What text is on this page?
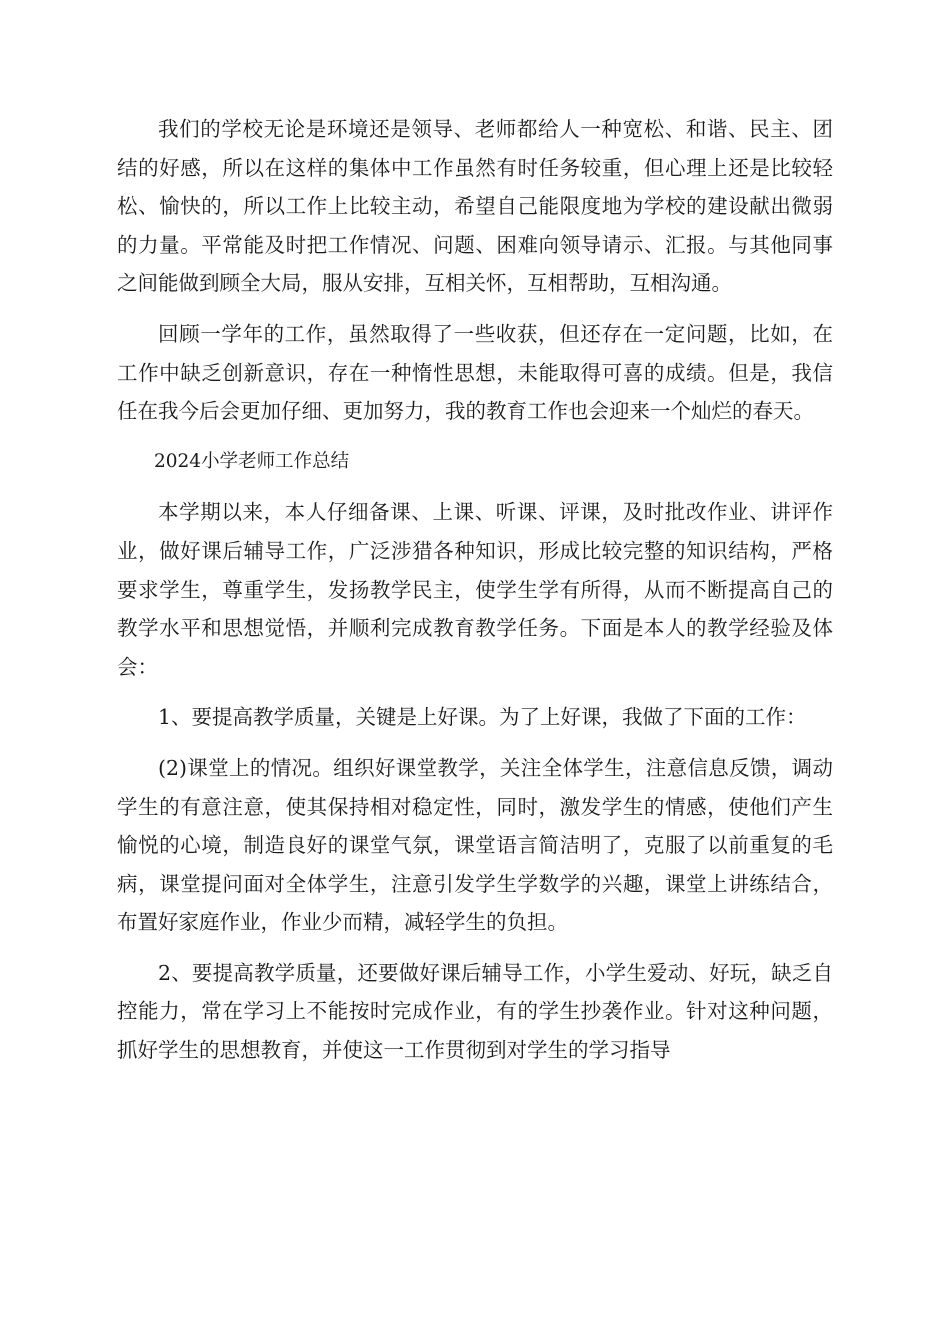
我们的学校无论是环境还是领导、老师都给人一种宽松、和谐、民主、团结的好感，所以在这样的集体中工作虽然有时任务较重，但心理上还是比较轻松、愉快的，所以工作上比较主动，希望自己能限度地为学校的建设献出微弱的力量。平常能及时把工作情况、问题、困难向领导请示、汇报。与其他同事之间能做到顾全大局，服从安排，互相关怀，互相帮助，互相沟通。

回顾一学年的工作，虽然取得了一些收获，但还存在一定问题，比如，在工作中缺乏创新意识，存在一种惰性思想，未能取得可喜的成绩。但是，我信任在我今后会更加仔细、更加努力，我的教育工作也会迎来一个灿烂的春天。

2024小学老师工作总结

本学期以来，本人仔细备课、上课、听课、评课，及时批改作业、讲评作业，做好课后辅导工作，广泛涉猎各种知识，形成比较完整的知识结构，严格要求学生，尊重学生，发扬教学民主，使学生学有所得，从而不断提高自己的教学水平和思想觉悟，并顺利完成教育教学任务。下面是本人的教学经验及体会：

1、要提高教学质量，关键是上好课。为了上好课，我做了下面的工作：

(2)课堂上的情况。组织好课堂教学，关注全体学生，注意信息反馈，调动学生的有意注意，使其保持相对稳定性，同时，激发学生的情感，使他们产生愉悦的心境，制造良好的课堂气氛，课堂语言简洁明了，克服了以前重复的毛病，课堂提问面对全体学生，注意引发学生学数学的兴趣，课堂上讲练结合，布置好家庭作业，作业少而精，减轻学生的负担。

2、要提高教学质量，还要做好课后辅导工作，小学生爱动、好玩，缺乏自控能力，常在学习上不能按时完成作业，有的学生抄袭作业。针对这种问题，抓好学生的思想教育，并使这一工作贯彻到对学生的学习指导
